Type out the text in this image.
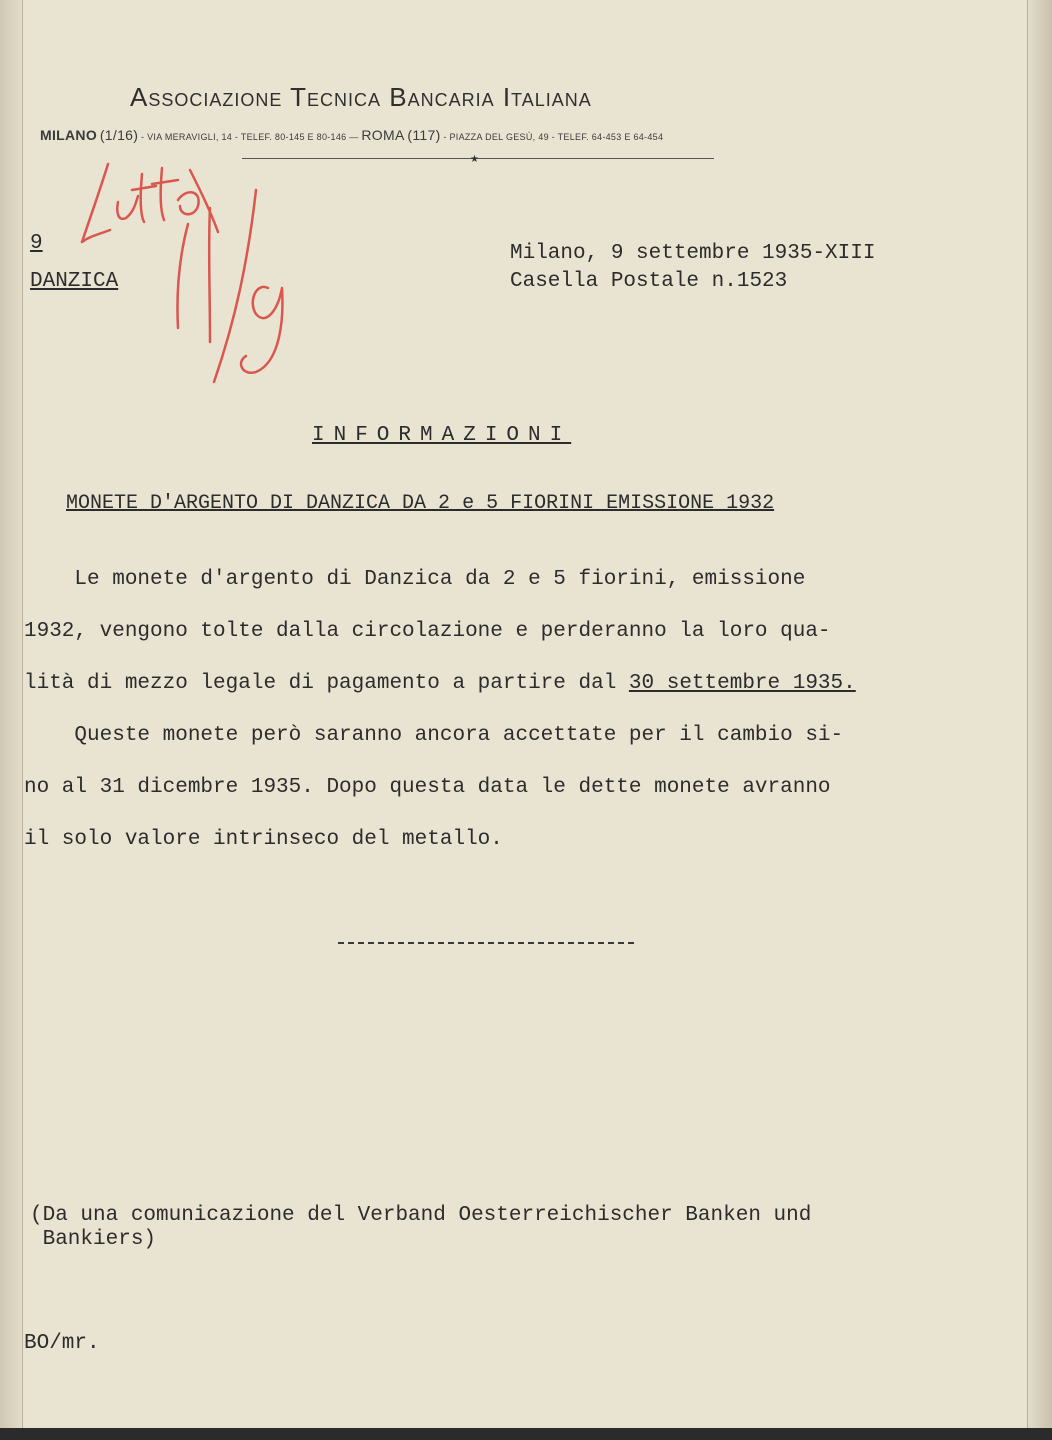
Associazione Tecnica Bancaria Italiana
MILANO (1/16) - VIA MERAVIGLI, 14 - TELEF. 80-145 E 80-146 — ROMA (117) - PIAZZA DEL GESÙ, 49 - TELEF. 64-453 E 64-454
★
9
DANZICA
Milano, 9 settembre 1935-XIII
Casella Postale n.1523
INFORMAZIONI
MONETE D'ARGENTO DI DANZICA DA 2 e 5 FIORINI EMISSIONE 1932
Le monete d'argento di Danzica da 2 e 5 fiorini, emissione
1932, vengono tolte dalla circolazione e perderanno la loro qua-
lità di mezzo legale di pagamento a partire dal 30 settembre 1935.
Queste monete però saranno ancora accettate per il cambio si-
no al 31 dicembre 1935. Dopo questa data le dette monete avranno
il solo valore intrinseco del metallo.
(Da una comunicazione del Verband Oesterreichischer Banken und
Bankiers)
BO/mr.
